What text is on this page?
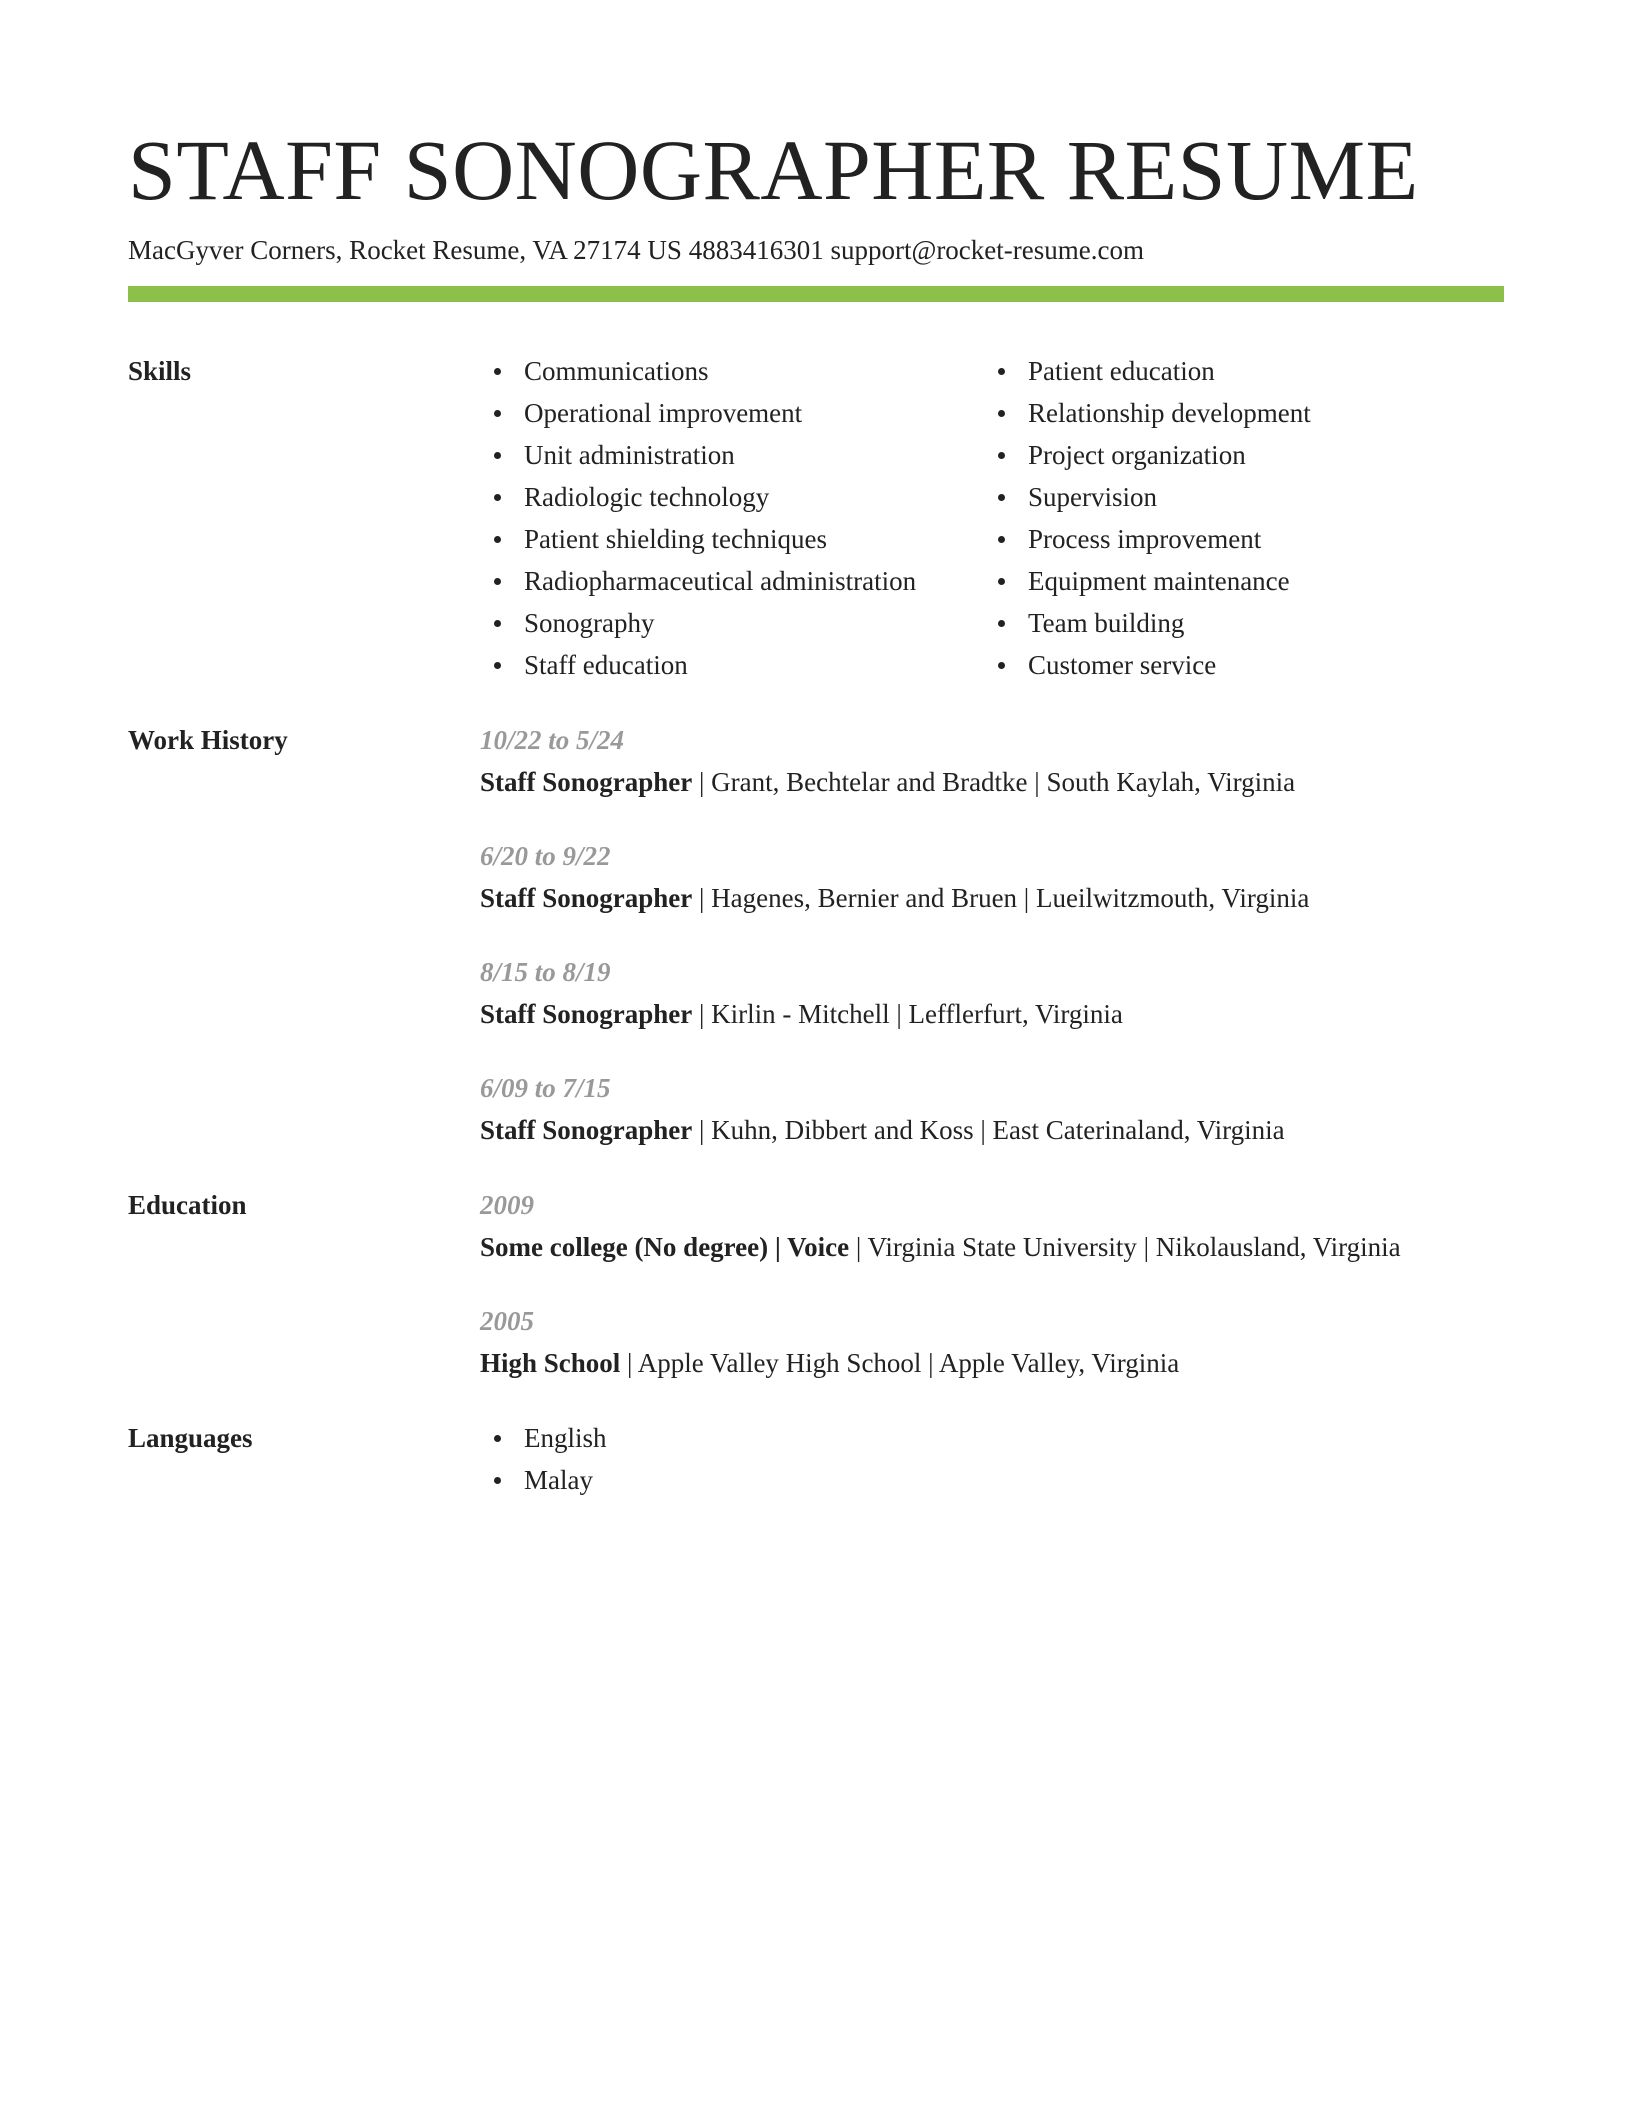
STAFF SONOGRAPHER RESUME
MacGyver Corners, Rocket Resume, VA 27174 US 4883416301 support@rocket-resume.com
Skills	Communications
Operational improvement
Unit administration
Radiologic technology
Patient shielding techniques
Radiopharmaceutical administration
Sonography
Staff education
Patient education
Relationship development
Project organization
Supervision
Process improvement
Equipment maintenance
Team building
Customer service
Work History	10/22 to 5/24
Staff Sonographer | Grant, Bechtelar and Bradtke | South Kaylah, Virginia
6/20 to 9/22
Staff Sonographer | Hagenes, Bernier and Bruen | Lueilwitzmouth, Virginia
8/15 to 8/19
Staff Sonographer | Kirlin - Mitchell | Lefflerfurt, Virginia
6/09 to 7/15
Staff Sonographer | Kuhn, Dibbert and Koss | East Caterinaland, Virginia
Education	2009
Some college (No degree) | Voice | Virginia State University | Nikolausland, Virginia
2005
High School | Apple Valley High School | Apple Valley, Virginia
Languages	English
Malay
